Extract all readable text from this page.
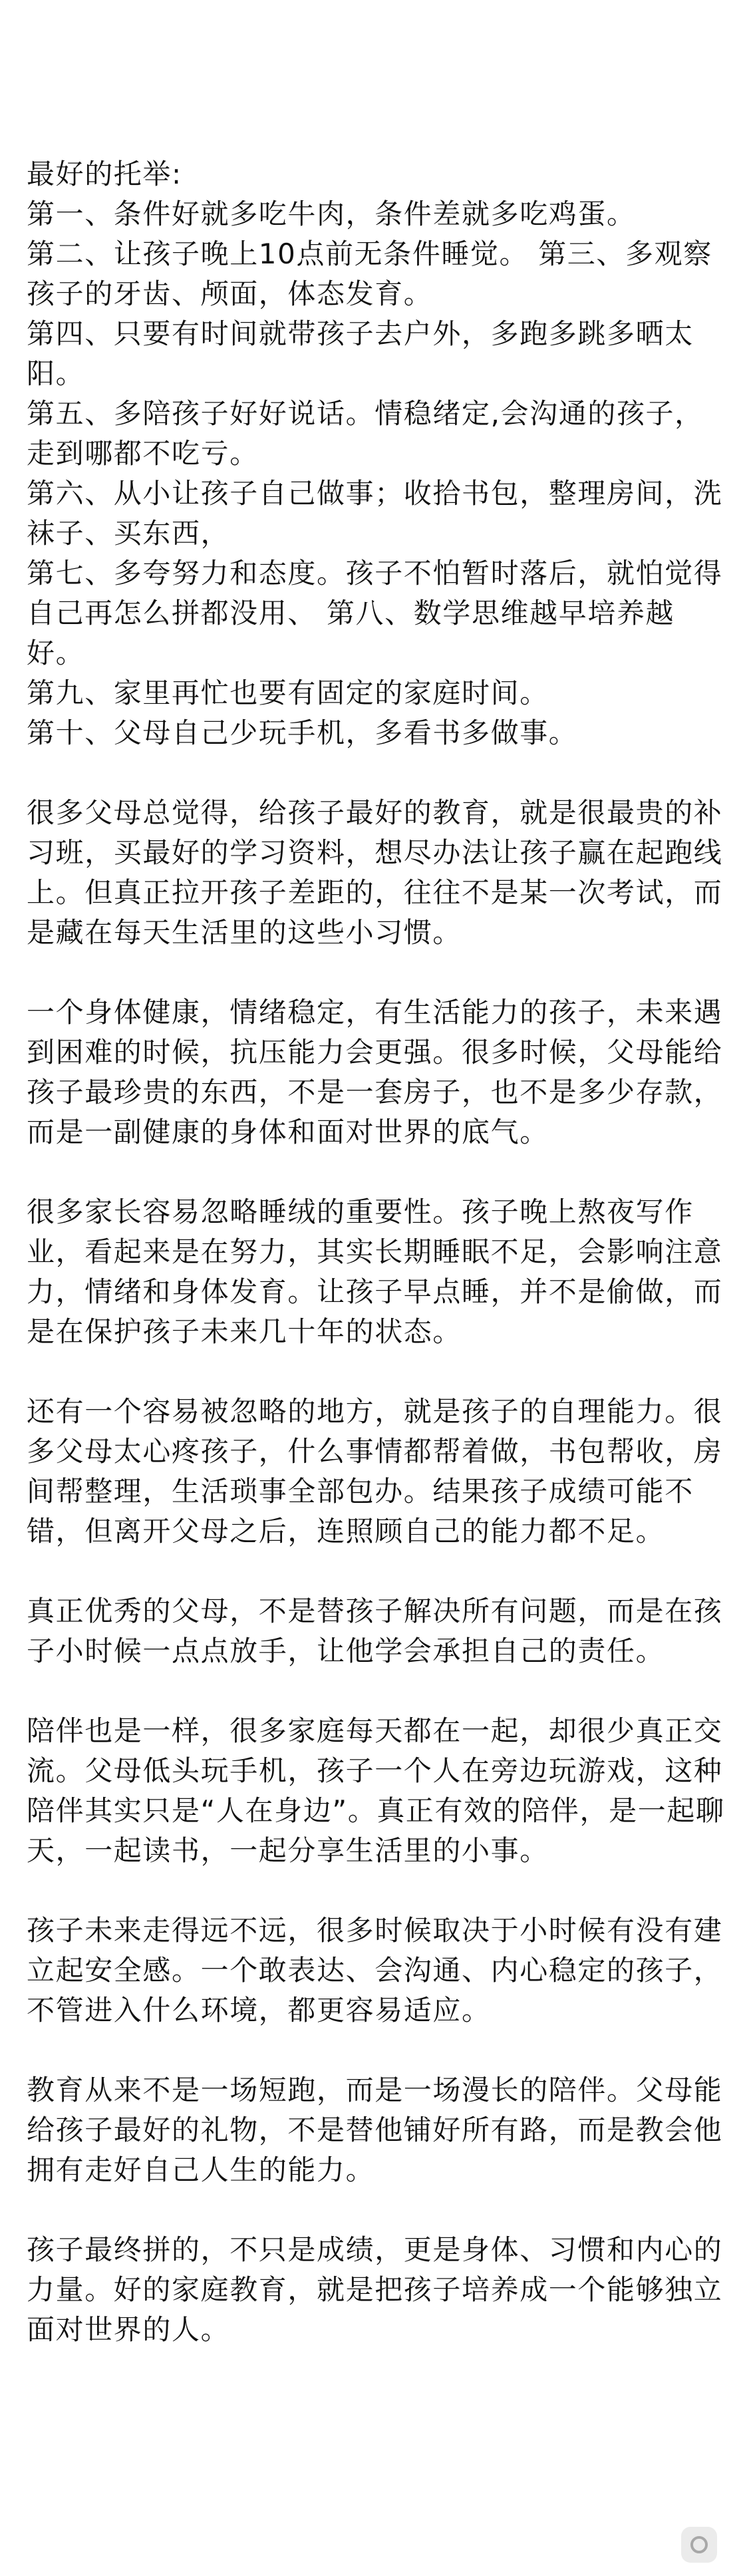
最好的托举:

第一、条件好就多吃牛肉，条件差就多吃鸡蛋。

第二、让孩子晚上10点前无条件睡觉。 第三、多观察孩子的牙齿、颅面，体态发育。

第四、只要有时间就带孩子去户外，多跑多跳多晒太阳。

第五、多陪孩子好好说话。情稳绪定,会沟通的孩子，走到哪都不吃亏。

第六、从小让孩子自己做事；收拾书包，整理房间，洗袜子、买东西，

第七、多夸努力和态度。孩子不怕暂时落后，就怕觉得自己再怎么拼都没用、 第八、数学思维越早培养越好。

第九、家里再忙也要有固定的家庭时间。

第十、父母自己少玩手机，多看书多做事。

很多父母总觉得，给孩子最好的教育，就是很最贵的补习班，买最好的学习资料，想尽办法让孩子赢在起跑线上。但真正拉开孩子差距的，往往不是某一次考试，而是藏在每天生活里的这些小习惯。

一个身体健康，情绪稳定，有生活能力的孩子，未来遇到困难的时候，抗压能力会更强。很多时候，父母能给孩子最珍贵的东西，不是一套房子，也不是多少存款，而是一副健康的身体和面对世界的底气。

很多家长容易忽略睡绒的重要性。孩子晚上熬夜写作业，看起来是在努力，其实长期睡眠不足，会影响注意力，情绪和身体发育。让孩子早点睡，并不是偷做，而是在保护孩子未来几十年的状态。

还有一个容易被忽略的地方，就是孩子的自理能力。很多父母太心疼孩子，什么事情都帮着做，书包帮收，房间帮整理，生活琐事全部包办。结果孩子成绩可能不错，但离开父母之后，连照顾自己的能力都不足。

真正优秀的父母，不是替孩子解决所有问题，而是在孩子小时候一点点放手，让他学会承担自己的责任。

陪伴也是一样，很多家庭每天都在一起，却很少真正交流。父母低头玩手机，孩子一个人在旁边玩游戏，这种陪伴其实只是“人在身边”。真正有效的陪伴，是一起聊天，一起读书，一起分享生活里的小事。

孩子未来走得远不远，很多时候取决于小时候有没有建立起安全感。一个敢表达、会沟通、内心稳定的孩子，不管进入什么环境，都更容易适应。

教育从来不是一场短跑，而是一场漫长的陪伴。父母能给孩子最好的礼物，不是替他铺好所有路，而是教会他拥有走好自己人生的能力。

孩子最终拼的，不只是成绩，更是身体、习惯和内心的力量。好的家庭教育，就是把孩子培养成一个能够独立面对世界的人。
